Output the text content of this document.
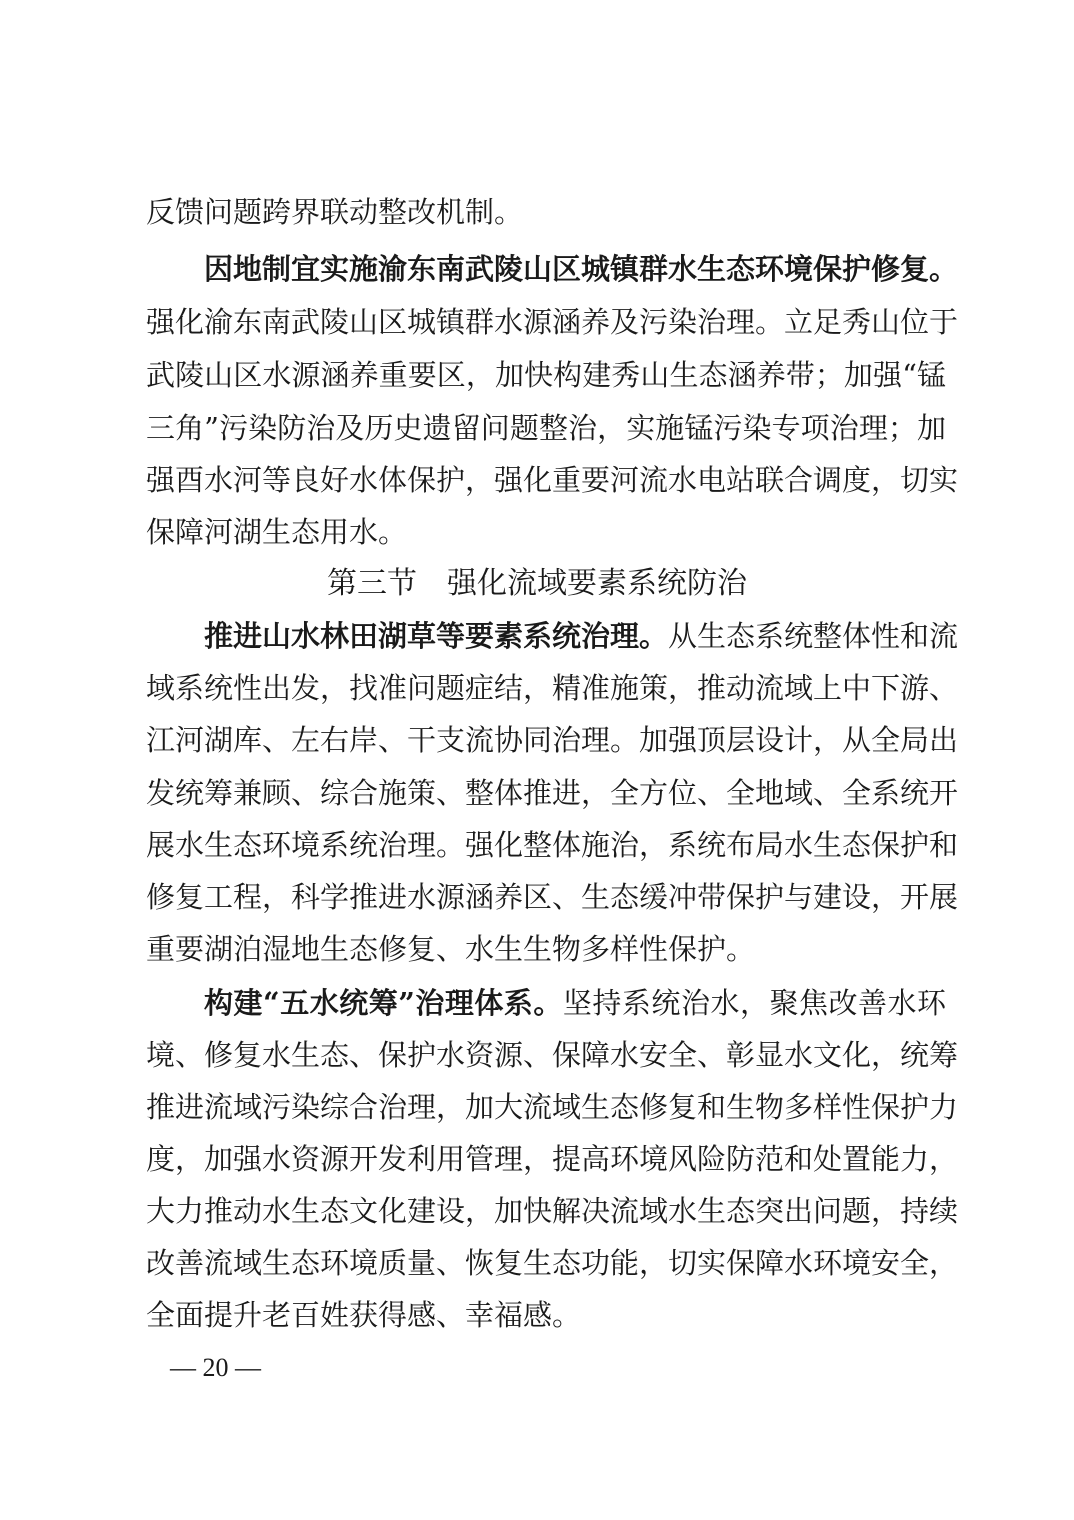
反馈问题跨界联动整改机制。
因地制宜实施渝东南武陵山区城镇群水生态环境保护修复。
强化渝东南武陵山区城镇群水源涵养及污染治理。立足秀山位于
武陵山区水源涵养重要区，加快构建秀山生态涵养带；加强“锰
三角”污染防治及历史遗留问题整治，实施锰污染专项治理；加
强酉水河等良好水体保护，强化重要河流水电站联合调度，切实
保障河湖生态用水。
第三节　强化流域要素系统防治
推进山水林田湖草等要素系统治理。从生态系统整体性和流
域系统性出发，找准问题症结，精准施策，推动流域上中下游、
江河湖库、左右岸、干支流协同治理。加强顶层设计，从全局出
发统筹兼顾、综合施策、整体推进，全方位、全地域、全系统开
展水生态环境系统治理。强化整体施治，系统布局水生态保护和
修复工程，科学推进水源涵养区、生态缓冲带保护与建设，开展
重要湖泊湿地生态修复、水生生物多样性保护。
构建“五水统筹”治理体系。坚持系统治水，聚焦改善水环
境、修复水生态、保护水资源、保障水安全、彰显水文化，统筹
推进流域污染综合治理，加大流域生态修复和生物多样性保护力
度，加强水资源开发利用管理，提高环境风险防范和处置能力，
大力推动水生态文化建设，加快解决流域水生态突出问题，持续
改善流域生态环境质量、恢复生态功能，切实保障水环境安全，
全面提升老百姓获得感、幸福感。
— 20 —
